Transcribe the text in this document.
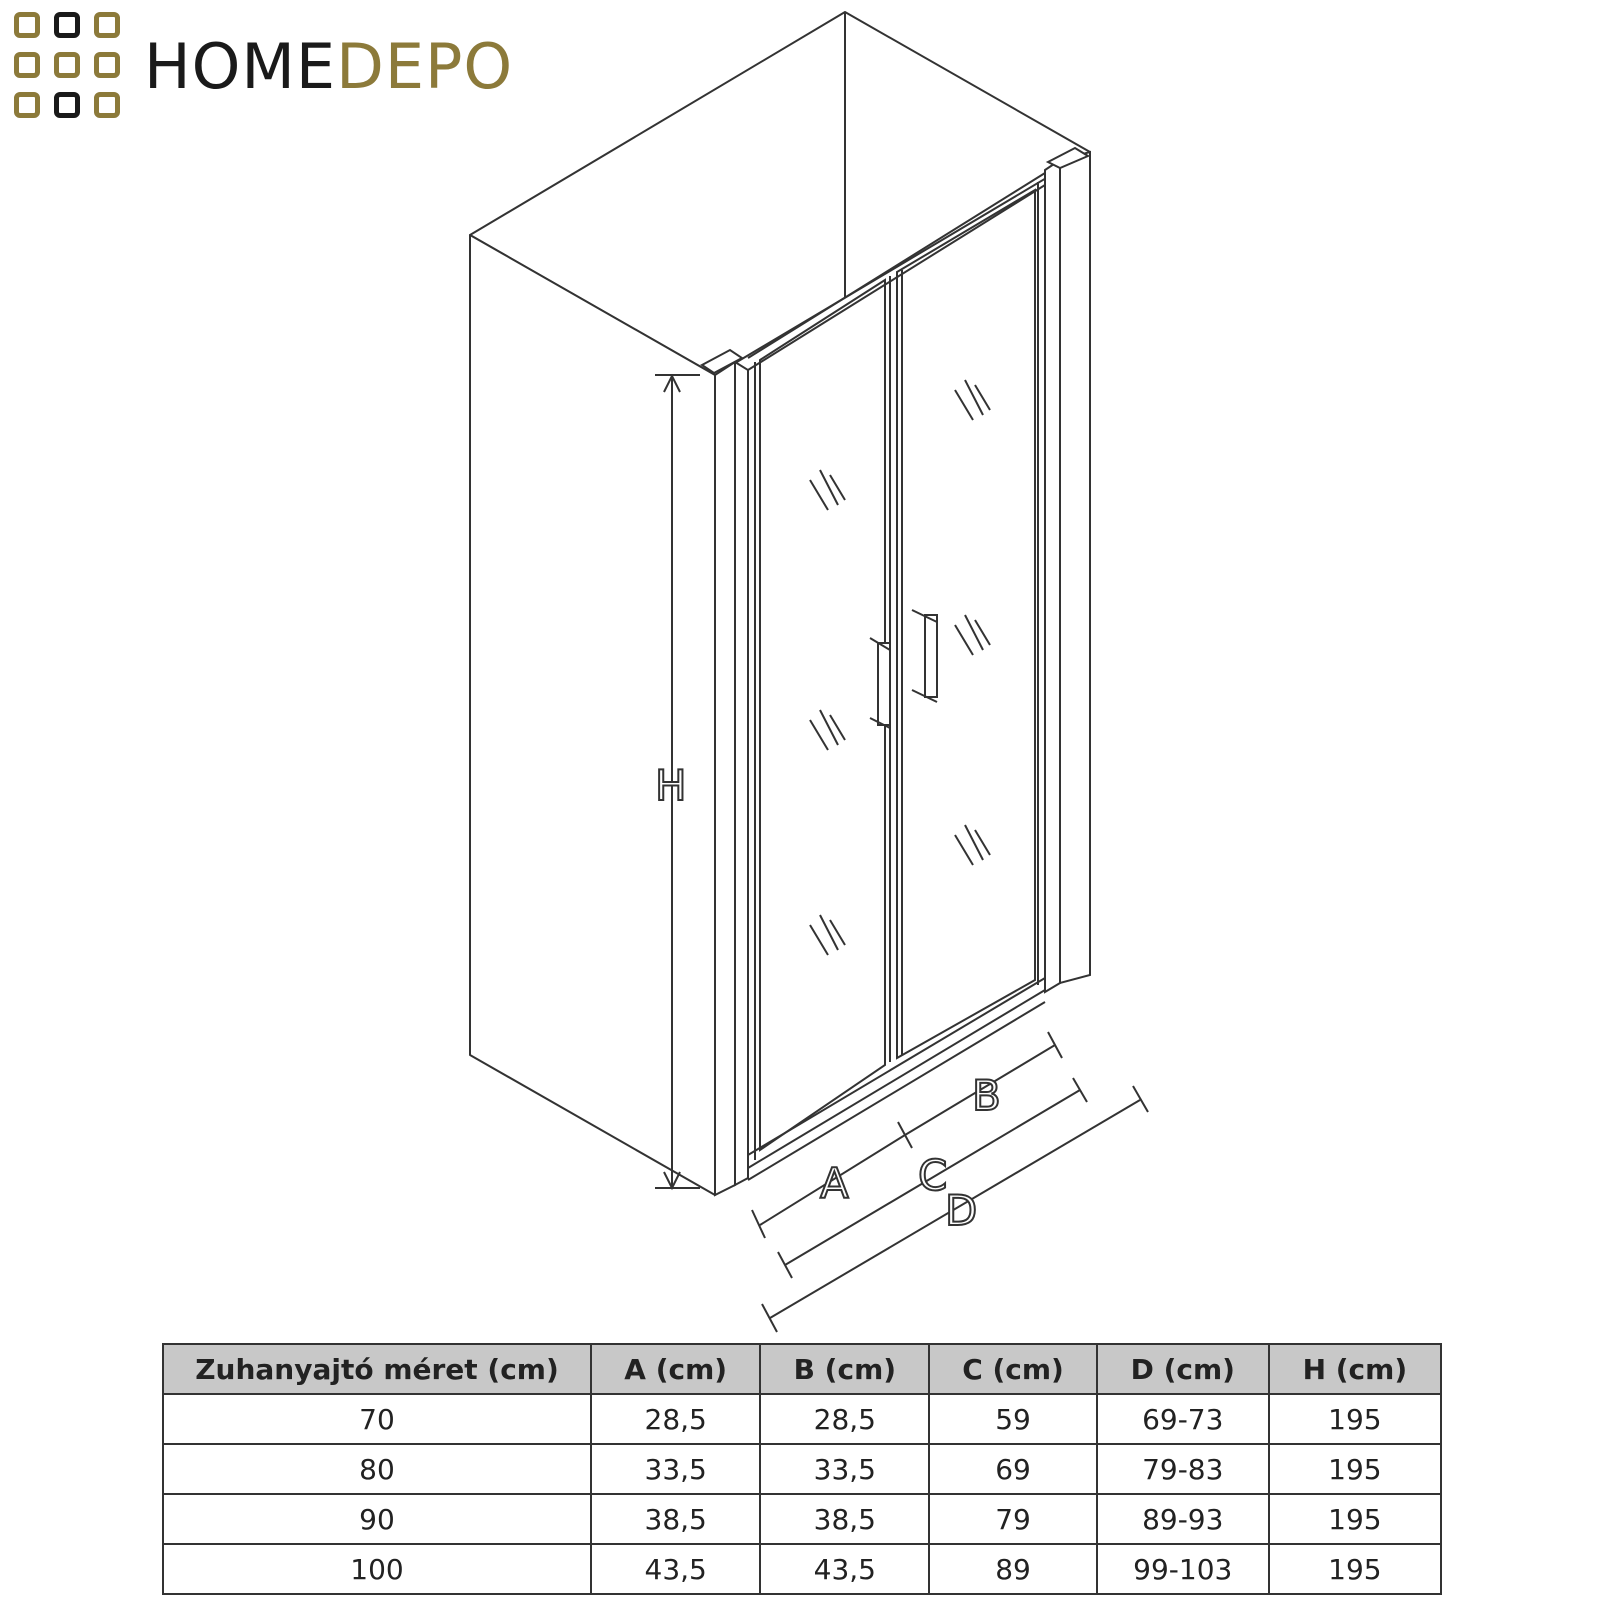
HOMEDEPO
H
A
B
C
D
Zuhanyajtó méret (cm)	A (cm)	B (cm)	C (cm)	D (cm)	H (cm)
70	28,5	28,5	59	69-73	195
80	33,5	33,5	69	79-83	195
90	38,5	38,5	79	89-93	195
100	43,5	43,5	89	99-103	195
